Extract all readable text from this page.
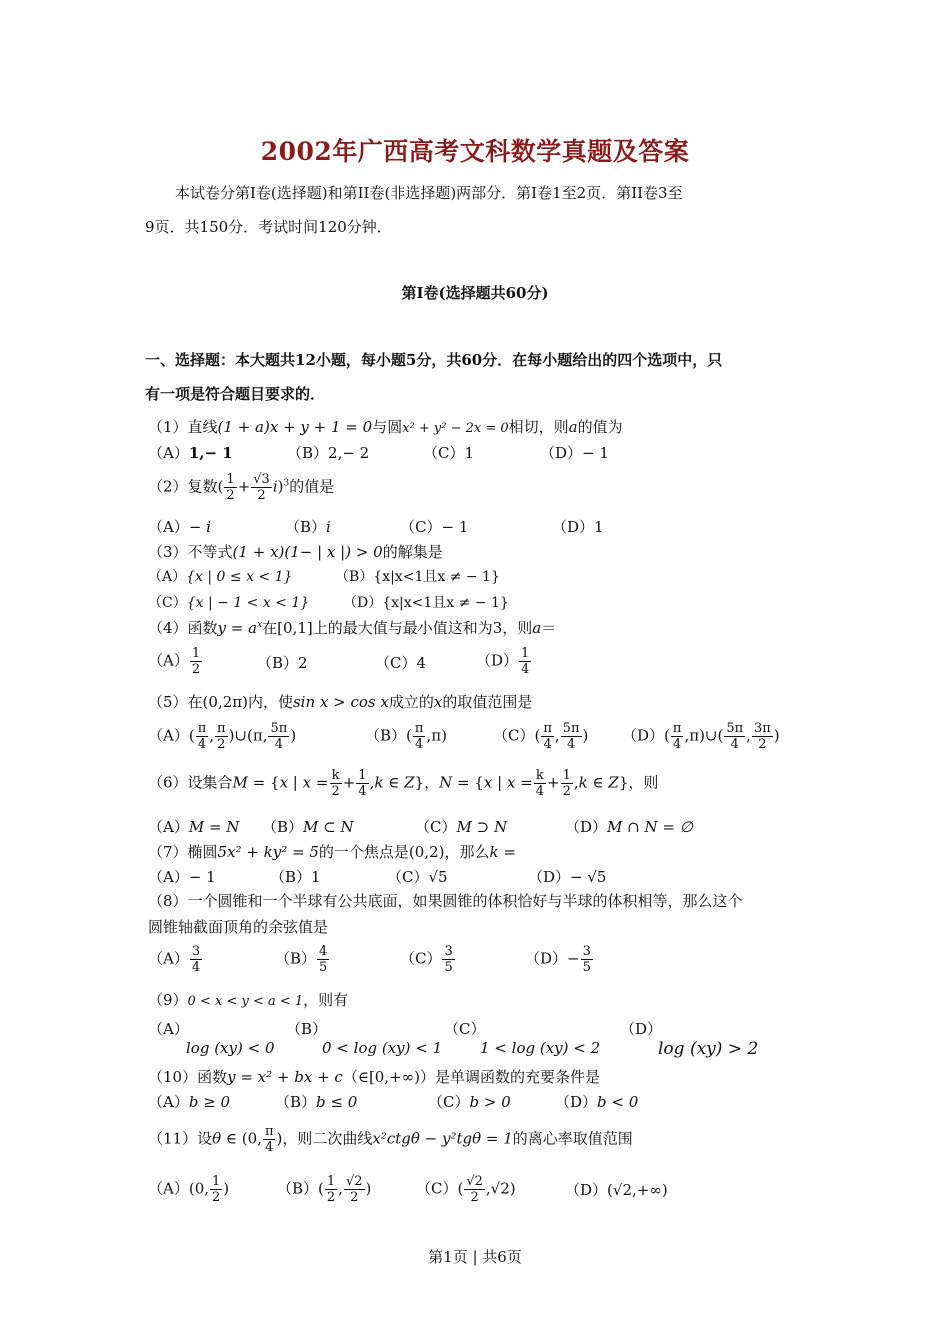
2002年广西高考文科数学真题及答案

本试卷分第Ⅰ卷(选择题)和第II卷(非选择题)两部分．第Ⅰ卷1至2页．第II卷3至

9页．共150分．考试时间120分钟．

第Ⅰ卷(选择题共60分)
一、选择题：本大题共12小题，每小题5分，共60分．在每小题给出的四个选项中，只
有一项是符合题目要求的．
（1）直线(1 + a)x + y + 1 = 0与圆x² + y² − 2x = 0相切，则a的值为
（A）1,− 1	（B）2,− 2	（C）1	（D）− 1
（2）复数( $\frac{1}{2} + \frac{√3}{2} i)^3$的值是
（A）− i	（B）i	（C）− 1	（D）1
（3）不等式(1 + x)(1− | x |) > 0的解集是
（A）{x | 0 ≤ x < 1}	（B）{x|x<1且x ≠ − 1}
（C）{x | − 1 < x < 1} （D）{x|x<1且x ≠ − 1}
（4）函数$y = a^x$在[0,1]上的最大值与最小值这和为3，则a＝
$(A) \frac{1}{2}$	（B）2	（C）4	$(D) \frac{1}{4}$
（5）在(0,2π)内，使sin x > cos x成立的x的取值范围是
$(A)( \frac{\pi}{4}$ , $\frac{\pi}{2}$ )∪(π, $\frac{5\pi}{4}$ )	$(B)( \frac{\pi}{4} ,\pi)$	$(C)( \frac{\pi}{4}$ , $\frac{5\pi}{4}$ ) $(D)( \frac{\pi}{4}$ ,π)∪( $\frac{5\pi}{4}$ , $\frac{3\pi}{2}$ )
（6）设集合M = {x | $x = \frac{k}{2} + \frac{1}{4} ,k$ ∈ Z}，N = {x | $x = \frac{k}{4} + \frac{1}{2} ,k$ ∈ Z}，则
（A）M = N （B）M ⊂ N	（C）M ⊃ N	（D）M ∩ N = ∅
（7）椭圆5x² + ky² = 5的一个焦点是(0,2)，那么k =
（A）− 1	（B）1	（C）√5	（D）− √5
（8）一个圆锥和一个半球有公共底面，如果圆锥的体积恰好与半球的体积相等，那么这个
圆锥轴截面顶角的余弦值是
$(A) \frac{3}{4}$	$(B) \frac{4}{5}$	$(C) \frac{3}{5}$	$(D)- \frac{3}{5}$
（9）0 < x < y < a < 1，则有
（A）
log (xy) < 0
（B）
0 < log (xy) < 1
（C）
1 < log (xy) < 2
（D）
log (xy) > 2
（10）函数y = x² + bx + c（∈[0,+∞)）是单调函数的充要条件是
（A）b ≥ 0	（B）b ≤ 0	（C）b > 0	（D）b < 0
（11）设θ ∈ (0, $\frac{\pi}{4}$ )，则二次曲线x²ctgθ − y²tgθ = 1的离心率取值范围
（A）(0, $\frac{1}{2}$ )	$(B)( \frac{1}{2}$ , $\frac{√2}{2}$ )	$(C)( \frac{√2}{2} ,√2)$	（D）(√2,+∞)
第1页 | 共6页
